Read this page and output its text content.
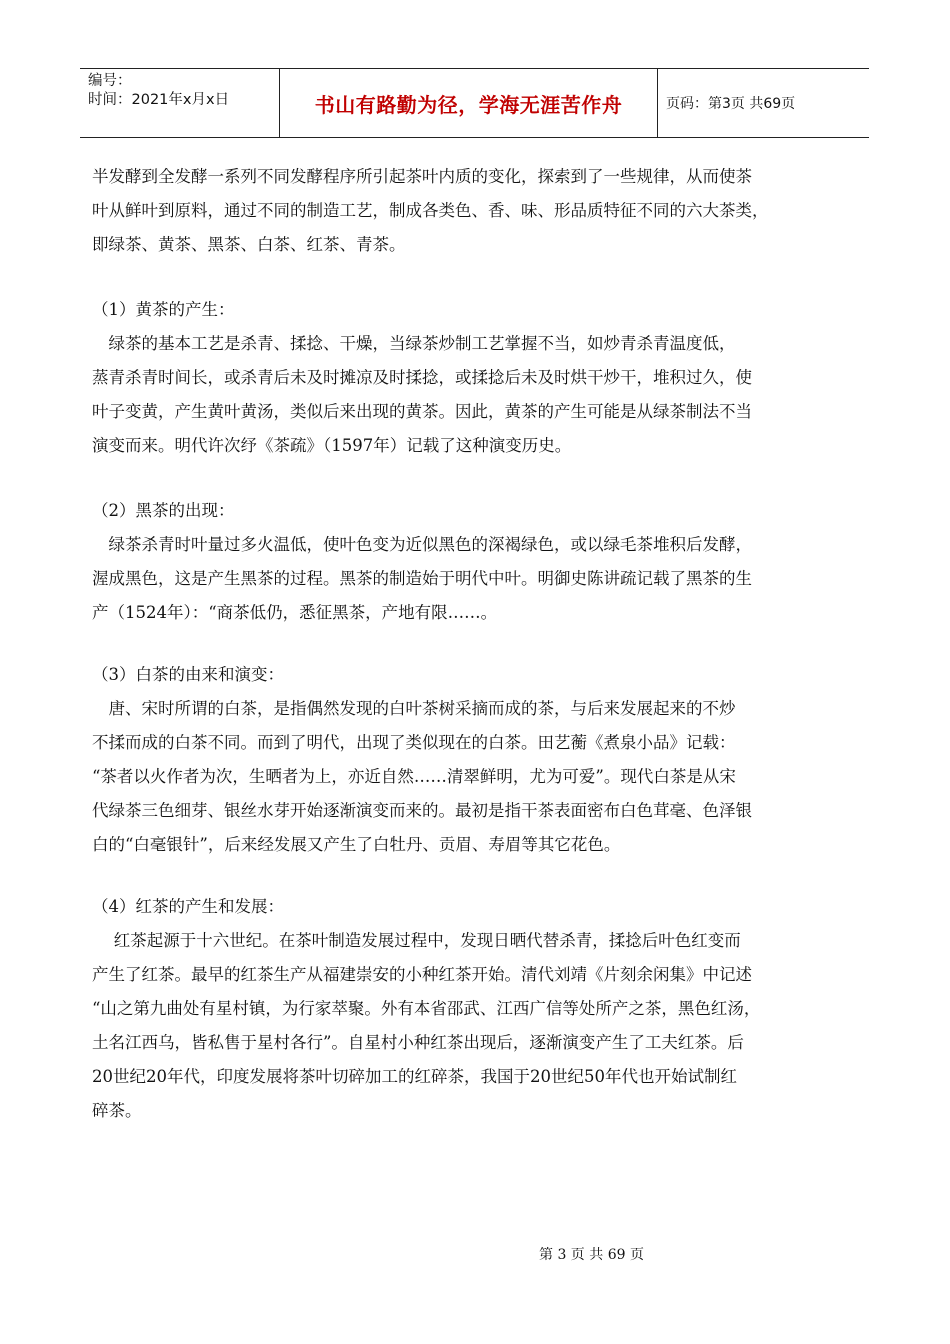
编号：
时间：2021年x月x日	书山有路勤为径，学海无涯苦作舟	页码：第3页 共69页

半发酵到全发酵一系列不同发酵程序所引起茶叶内质的变化，探索到了一些规律，从而使茶

叶从鲜叶到原料，通过不同的制造工艺，制成各类色、香、味、形品质特征不同的六大茶类，

即绿茶、黄茶、黑茶、白茶、红茶、青茶。

（1）黄茶的产生：

　绿茶的基本工艺是杀青、揉捻、干燥，当绿茶炒制工艺掌握不当，如炒青杀青温度低，

蒸青杀青时间长，或杀青后未及时摊凉及时揉捻，或揉捻后未及时烘干炒干，堆积过久，使

叶子变黄，产生黄叶黄汤，类似后来出现的黄茶。因此，黄茶的产生可能是从绿茶制法不当

演变而来。明代许次纾《茶疏》（1597年）记载了这种演变历史。

（2）黑茶的出现：

　绿茶杀青时叶量过多火温低，使叶色变为近似黑色的深褐绿色，或以绿毛茶堆积后发酵，

渥成黑色，这是产生黑茶的过程。黑茶的制造始于明代中叶。明御史陈讲疏记载了黑茶的生

产（1524年）：“商茶低仍，悉征黑茶，产地有限……。

（3）白茶的由来和演变：

　唐、宋时所谓的白茶，是指偶然发现的白叶茶树采摘而成的茶，与后来发展起来的不炒

不揉而成的白茶不同。而到了明代，出现了类似现在的白茶。田艺蘅《煮泉小品》记载：

“茶者以火作者为次，生晒者为上，亦近自然……清翠鲜明，尤为可爱”。现代白茶是从宋

代绿茶三色细芽、银丝水芽开始逐渐演变而来的。最初是指干茶表面密布白色茸毫、色泽银

白的“白毫银针”，后来经发展又产生了白牡丹、贡眉、寿眉等其它花色。

（4）红茶的产生和发展：

　 红茶起源于十六世纪。在茶叶制造发展过程中，发现日晒代替杀青，揉捻后叶色红变而

产生了红茶。最早的红茶生产从福建崇安的小种红茶开始。清代刘靖《片刻余闲集》中记述

“山之第九曲处有星村镇，为行家萃聚。外有本省邵武、江西广信等处所产之茶，黑色红汤，

土名江西乌，皆私售于星村各行”。自星村小种红茶出现后，逐渐演变产生了工夫红茶。后

20世纪20年代，印度发展将茶叶切碎加工的红碎茶，我国于20世纪50年代也开始试制红

碎茶。

第 3 页 共 69 页
